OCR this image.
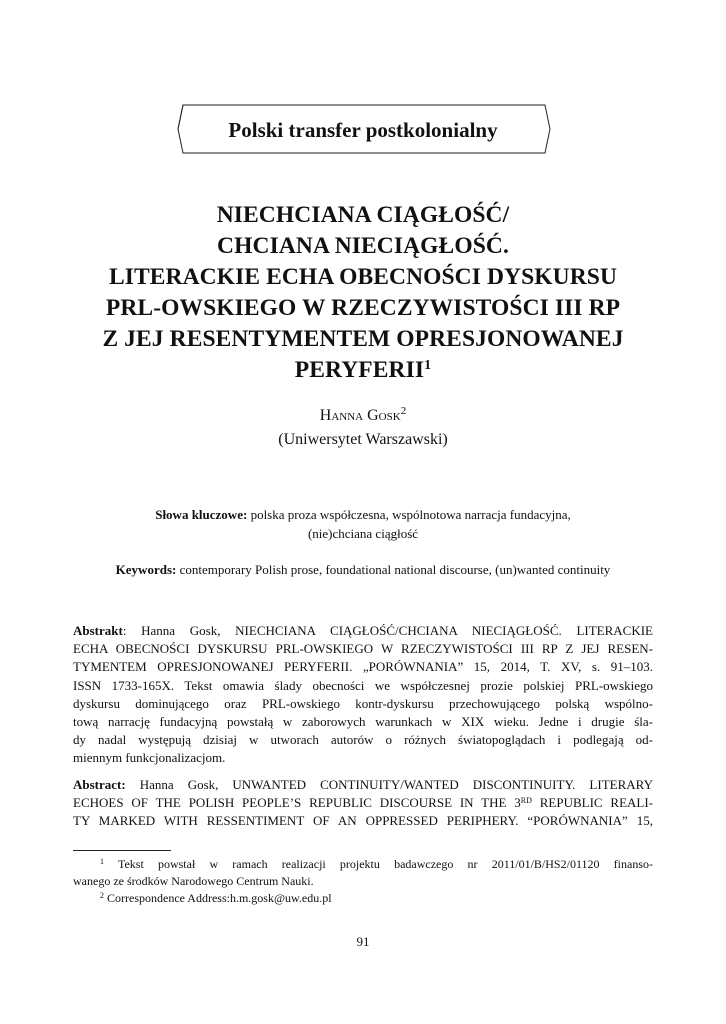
Polski transfer postkolonialny
NIECHCIANA CIĄGŁOŚĆ/
CHCIANA NIECIĄGŁOŚĆ.
LITERACKIE ECHA OBECNOŚCI DYSKURSU
PRL-OWSKIEGO W RZECZYWISTOŚCI III RP
Z JEJ RESENTYMENTEM OPRESJONOWANEJ
PERYFERII$^1$
Hanna Gosk$^2$
(Uniwersytet Warszawski)
Słowa kluczowe: polska proza współczesna, wspólnotowa narracja fundacyjna,
(nie)chciana ciągłość
Keywords: contemporary Polish prose, foundational national discourse, (un)wanted continuity
Abstrakt: Hanna Gosk, NIECHCIANA CIĄGŁOŚĆ/CHCIANA NIECIĄGŁOŚĆ. LITERACKIE
ECHA OBECNOŚCI DYSKURSU PRL-OWSKIEGO W RZECZYWISTOŚCI III RP Z JEJ RESEN-
TYMENTEM OPRESJONOWANEJ PERYFERII. „PORÓWNANIA” 15, 2014, T. XV, s. 91–103.
ISSN 1733-165X. Tekst omawia ślady obecności we współczesnej prozie polskiej PRL-owskiego
dyskursu dominującego oraz PRL-owskiego kontr-dyskursu przechowującego polską wspólno-
tową narrację fundacyjną powstałą w zaborowych warunkach w XIX wieku. Jedne i drugie śla-
dy nadal występują dzisiaj w utworach autorów o różnych światopoglądach i podlegają od-
miennym funkcjonalizacjom.
Abstract: Hanna Gosk, UNWANTED CONTINUITY/WANTED DISCONTINUITY. LITERARY
ECHOES OF THE POLISH PEOPLE’S REPUBLIC DISCOURSE IN THE 3RD REPUBLIC REALI-
TY MARKED WITH RESSENTIMENT OF AN OPPRESSED PERIPHERY. “PORÓWNANIA” 15,
$^1$ Tekst powstał w ramach realizacji projektu badawczego nr 2011/01/B/HS2/01120 finanso-
wanego ze środków Narodowego Centrum Nauki.
$^2$ Correspondence Address:h.m.gosk@uw.edu.pl
91
